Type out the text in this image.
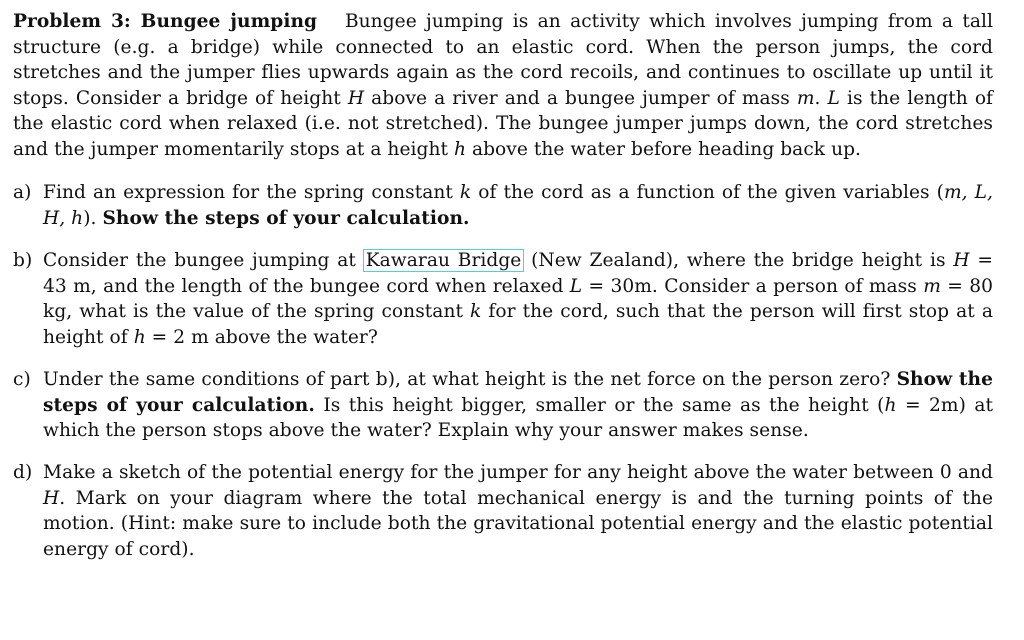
Problem 3: Bungee jumping Bungee jumping is an activity which involves jumping from a tall structure (e.g. a bridge) while connected to an elastic cord. When the person jumps, the cord stretches and the jumper flies upwards again as the cord recoils, and continues to oscillate up until it stops. Consider a bridge of height H above a river and a bungee jumper of mass m. L is the length of the elastic cord when relaxed (i.e. not stretched). The bungee jumper jumps down, the cord stretches and the jumper momentarily stops at a height h above the water before heading back up.
a) Find an expression for the spring constant k of the cord as a function of the given variables (m, L, H, h). Show the steps of your calculation.
b) Consider the bungee jumping at Kawarau Bridge (New Zealand), where the bridge height is H = 43 m, and the length of the bungee cord when relaxed L = 30m. Consider a person of mass m = 80 kg, what is the value of the spring constant k for the cord, such that the person will first stop at a height of h = 2 m above the water?
c) Under the same conditions of part b), at what height is the net force on the person zero? Show the steps of your calculation. Is this height bigger, smaller or the same as the height (h = 2m) at which the person stops above the water? Explain why your answer makes sense.
d) Make a sketch of the potential energy for the jumper for any height above the water between 0 and H. Mark on your diagram where the total mechanical energy is and the turning points of the motion. (Hint: make sure to include both the gravitational potential energy and the elastic potential energy of cord).
